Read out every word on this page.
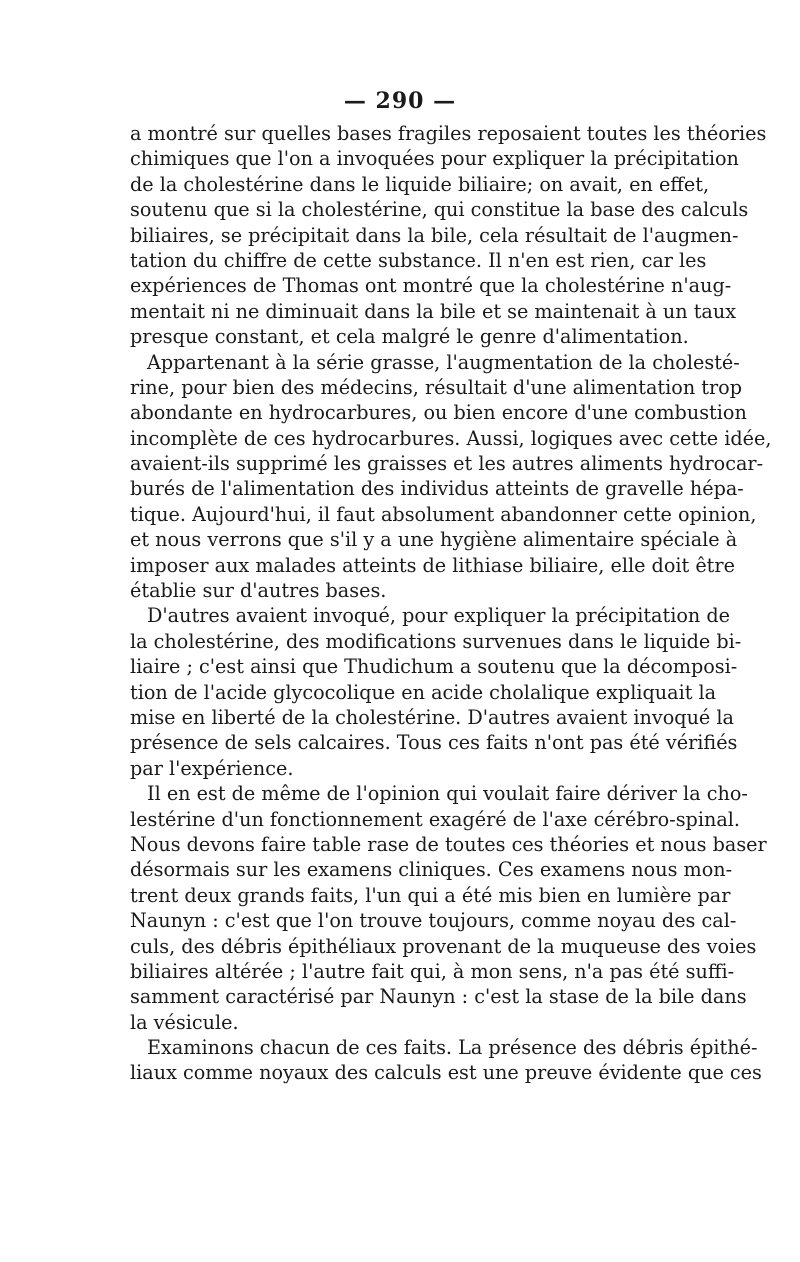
— 290 —
a montré sur quelles bases fragiles reposaient toutes les théories
chimiques que l'on a invoquées pour expliquer la précipitation
de la cholestérine dans le liquide biliaire; on avait, en effet,
soutenu que si la cholestérine, qui constitue la base des calculs
biliaires, se précipitait dans la bile, cela résultait de l'augmen-
tation du chiffre de cette substance. Il n'en est rien, car les
expériences de Thomas ont montré que la cholestérine n'aug-
mentait ni ne diminuait dans la bile et se maintenait à un taux
presque constant, et cela malgré le genre d'alimentation.
Appartenant à la série grasse, l'augmentation de la cholesté-
rine, pour bien des médecins, résultait d'une alimentation trop
abondante en hydrocarbures, ou bien encore d'une combustion
incomplète de ces hydrocarbures. Aussi, logiques avec cette idée,
avaient-ils supprimé les graisses et les autres aliments hydrocar-
burés de l'alimentation des individus atteints de gravelle hépa-
tique. Aujourd'hui, il faut absolument abandonner cette opinion,
et nous verrons que s'il y a une hygiène alimentaire spéciale à
imposer aux malades atteints de lithiase biliaire, elle doit être
établie sur d'autres bases.
D'autres avaient invoqué, pour expliquer la précipitation de
la cholestérine, des modifications survenues dans le liquide bi-
liaire ; c'est ainsi que Thudichum a soutenu que la décomposi-
tion de l'acide glycocolique en acide cholalique expliquait la
mise en liberté de la cholestérine. D'autres avaient invoqué la
présence de sels calcaires. Tous ces faits n'ont pas été vérifiés
par l'expérience.
Il en est de même de l'opinion qui voulait faire dériver la cho-
lestérine d'un fonctionnement exagéré de l'axe cérébro-spinal.
Nous devons faire table rase de toutes ces théories et nous baser
désormais sur les examens cliniques. Ces examens nous mon-
trent deux grands faits, l'un qui a été mis bien en lumière par
Naunyn : c'est que l'on trouve toujours, comme noyau des cal-
culs, des débris épithéliaux provenant de la muqueuse des voies
biliaires altérée ; l'autre fait qui, à mon sens, n'a pas été suffi-
samment caractérisé par Naunyn : c'est la stase de la bile dans
la vésicule.
Examinons chacun de ces faits. La présence des débris épithé-
liaux comme noyaux des calculs est une preuve évidente que ces
